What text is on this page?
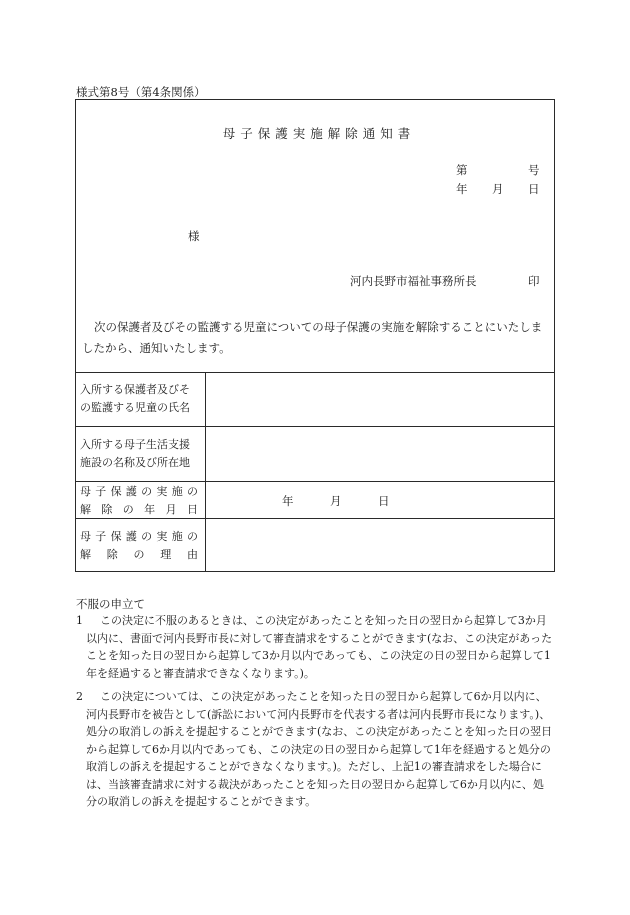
様式第8号（第4条関係）
母子保護実施解除通知書
第	号
年 月 日
様
河内長野市福祉事務所長	印
次の保護者及びその監護する児童についての母子保護の実施を解除することにいたしましたから、通知いたします。
入所する保護者及びそ
の監護する児童の氏名
入所する母子生活支援
施設の名称及び所在地
母 子 保 護 の 実 施 の
解 除 の 年 月 日
年	月	日
母 子 保 護 の 実 施 の
解 除 の 理 由
不服の申立て
1	この決定に不服のあるときは、この決定があったことを知った日の翌日から起算して3か月以内に、書面で河内長野市長に対して審査請求をすることができます(なお、この決定があったことを知った日の翌日から起算して3か月以内であっても、この決定の日の翌日から起算して1年を経過すると審査請求できなくなります。)。
2	この決定については、この決定があったことを知った日の翌日から起算して6か月以内に、河内長野市を被告として(訴訟において河内長野市を代表する者は河内長野市長になります。)、処分の取消しの訴えを提起することができます(なお、この決定があったことを知った日の翌日から起算して6か月以内であっても、この決定の日の翌日から起算して1年を経過すると処分の取消しの訴えを提起することができなくなります。)。ただし、上記1の審査請求をした場合には、当該審査請求に対する裁決があったことを知った日の翌日から起算して6か月以内に、処分の取消しの訴えを提起することができます。
